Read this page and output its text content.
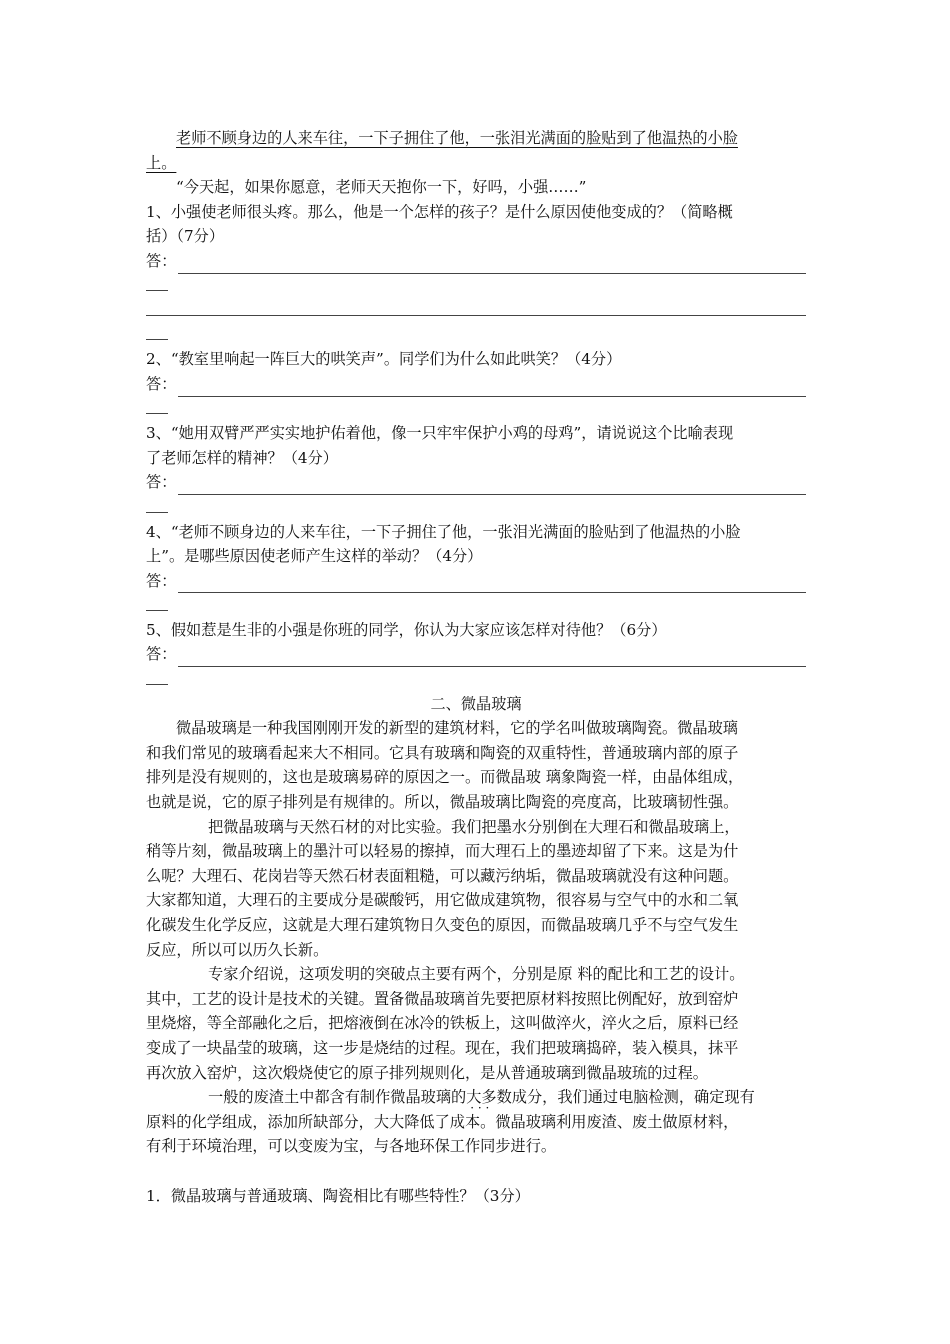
老师不顾身边的人来车往，一下子拥住了他，一张泪光满面的脸贴到了他温热的小脸
上。
“今天起，如果你愿意，老师天天抱你一下，好吗，小强……”
1、小强使老师很头疼。那么，他是一个怎样的孩子？是什么原因使他变成的？（简略概
括）（7分）
答：
2、“教室里响起一阵巨大的哄笑声”。同学们为什么如此哄笑？（4分）
答：
3、“她用双臂严严实实地护佑着他，像一只牢牢保护小鸡的母鸡”，请说说这个比喻表现
了老师怎样的精神？（4分）
答：
4、“老师不顾身边的人来车往，一下子拥住了他，一张泪光满面的脸贴到了他温热的小脸
上”。是哪些原因使老师产生这样的举动？（4分）
答：
5、假如惹是生非的小强是你班的同学，你认为大家应该怎样对待他？（6分）
答：
二、微晶玻璃
微晶玻璃是一种我国刚刚开发的新型的建筑材料，它的学名叫做玻璃陶瓷。微晶玻璃
和我们常见的玻璃看起来大不相同。它具有玻璃和陶瓷的双重特性，普通玻璃内部的原子
排列是没有规则的，这也是玻璃易碎的原因之一。而微晶玻 璃象陶瓷一样，由晶体组成，
也就是说，它的原子排列是有规律的。所以，微晶玻璃比陶瓷的亮度高，比玻璃韧性强。
把微晶玻璃与天然石材的对比实验。我们把墨水分别倒在大理石和微晶玻璃上，
稍等片刻，微晶玻璃上的墨汁可以轻易的擦掉，而大理石上的墨迹却留了下来。这是为什
么呢？大理石、花岗岩等天然石材表面粗糙，可以藏污纳垢，微晶玻璃就没有这种问题。
大家都知道，大理石的主要成分是碳酸钙，用它做成建筑物，很容易与空气中的水和二氧
化碳发生化学反应，这就是大理石建筑物日久变色的原因，而微晶玻璃几乎不与空气发生
反应，所以可以历久长新。
专家介绍说，这项发明的突破点主要有两个，分别是原 料的配比和工艺的设计。
其中，工艺的设计是技术的关键。置备微晶玻璃首先要把原材料按照比例配好，放到窑炉
里烧熔，等全部融化之后，把熔液倒在冰冷的铁板上，这叫做淬火，淬火之后，原料已经
变成了一块晶莹的玻璃，这一步是烧结的过程。现在，我们把玻璃捣碎，装入模具，抹平
再次放入窑炉，这次煅烧使它的原子排列规则化，是从普通玻璃到微晶玻琉的过程。
一般的废渣土中都含有制作微晶玻璃的大多数 · · ·成分，我们通过电脑检测，确定现有
原料的化学组成，添加所缺部分，大大降低了成本。微晶玻璃利用废渣、废土做原材料，
有利于环境治理，可以变废为宝，与各地环保工作同步进行。
1．微晶玻璃与普通玻璃、陶瓷相比有哪些特性？（3分）
